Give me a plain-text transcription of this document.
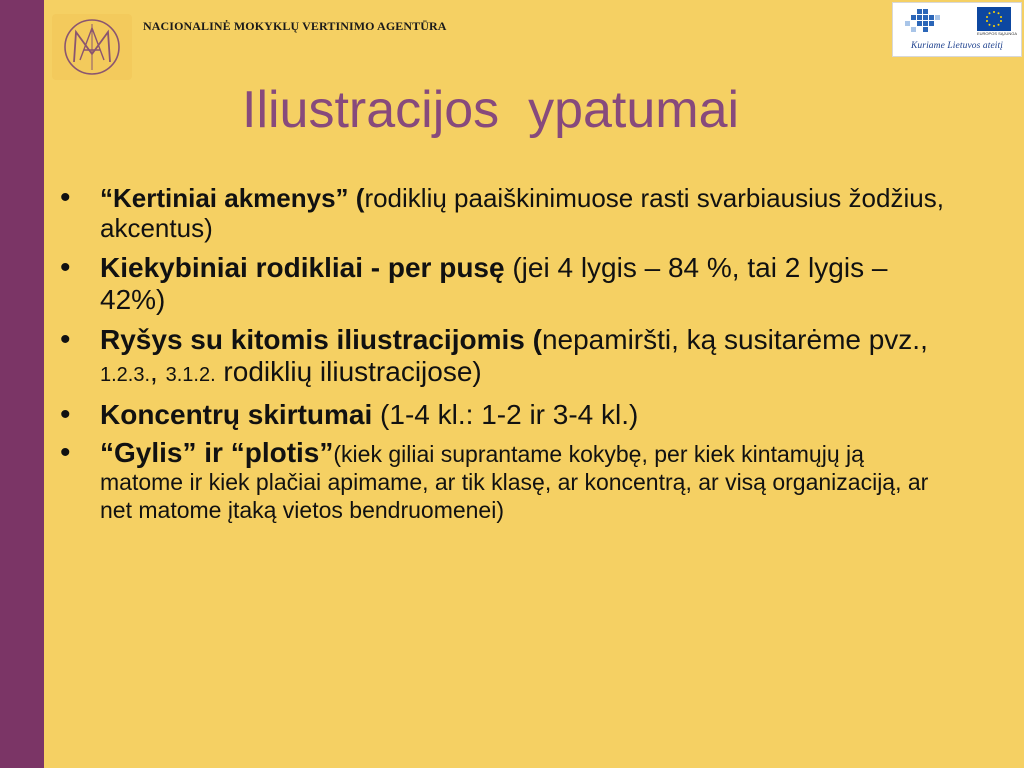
NACIONALINĖ MOKYKLŲ VERTINIMO AGENTŪRA
EUROPOS SĄJUNGA
Kuriame Lietuvos ateitį
Iliustracijos  ypatumai
• “Kertiniai akmenys” (rodiklių paaiškinimuose rasti svarbiausius žodžius, akcentus)
• Kiekybiniai rodikliai - per pusę (jei 4 lygis – 84 %, tai 2 lygis – 42%)
• Ryšys su kitomis iliustracijomis (nepamiršti, ką susitarėme pvz., 1.2.3., 3.1.2. rodiklių iliustracijose)
• Koncentrų skirtumai (1-4 kl.: 1-2 ir 3-4 kl.)
• “Gylis” ir “plotis”(kiek giliai suprantame kokybę, per kiek kintamųjų ją matome ir kiek plačiai apimame, ar tik klasę, ar koncentrą, ar visą organizaciją, ar net matome įtaką vietos bendruomenei)
